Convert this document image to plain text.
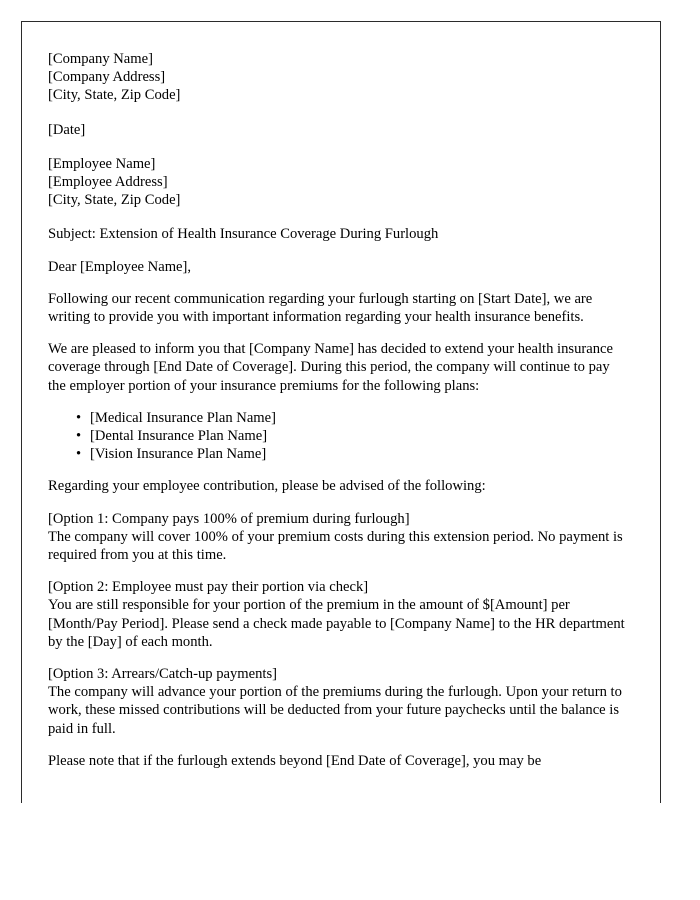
[Company Name]
[Company Address]
[City, State, Zip Code]
[Date]
[Employee Name]
[Employee Address]
[City, State, Zip Code]

Subject: Extension of Health Insurance Coverage During Furlough

Dear [Employee Name],

Following our recent communication regarding your furlough starting on [Start Date], we are writing to provide you with important information regarding your health insurance benefits.

We are pleased to inform you that [Company Name] has decided to extend your health insurance coverage through [End Date of Coverage]. During this period, the company will continue to pay the employer portion of your insurance premiums for the following plans:

• [Medical Insurance Plan Name]
• [Dental Insurance Plan Name]
• [Vision Insurance Plan Name]

Regarding your employee contribution, please be advised of the following:

[Option 1: Company pays 100% of premium during furlough]

The company will cover 100% of your premium costs during this extension period. No payment is required from you at this time.

[Option 2: Employee must pay their portion via check]

You are still responsible for your portion of the premium in the amount of $[Amount] per [Month/Pay Period]. Please send a check made payable to [Company Name] to the HR department by the [Day] of each month.

[Option 3: Arrears/Catch-up payments]

The company will advance your portion of the premiums during the furlough. Upon your return to work, these missed contributions will be deducted from your future paychecks until the balance is paid in full.

Please note that if the furlough extends beyond [End Date of Coverage], you may be
